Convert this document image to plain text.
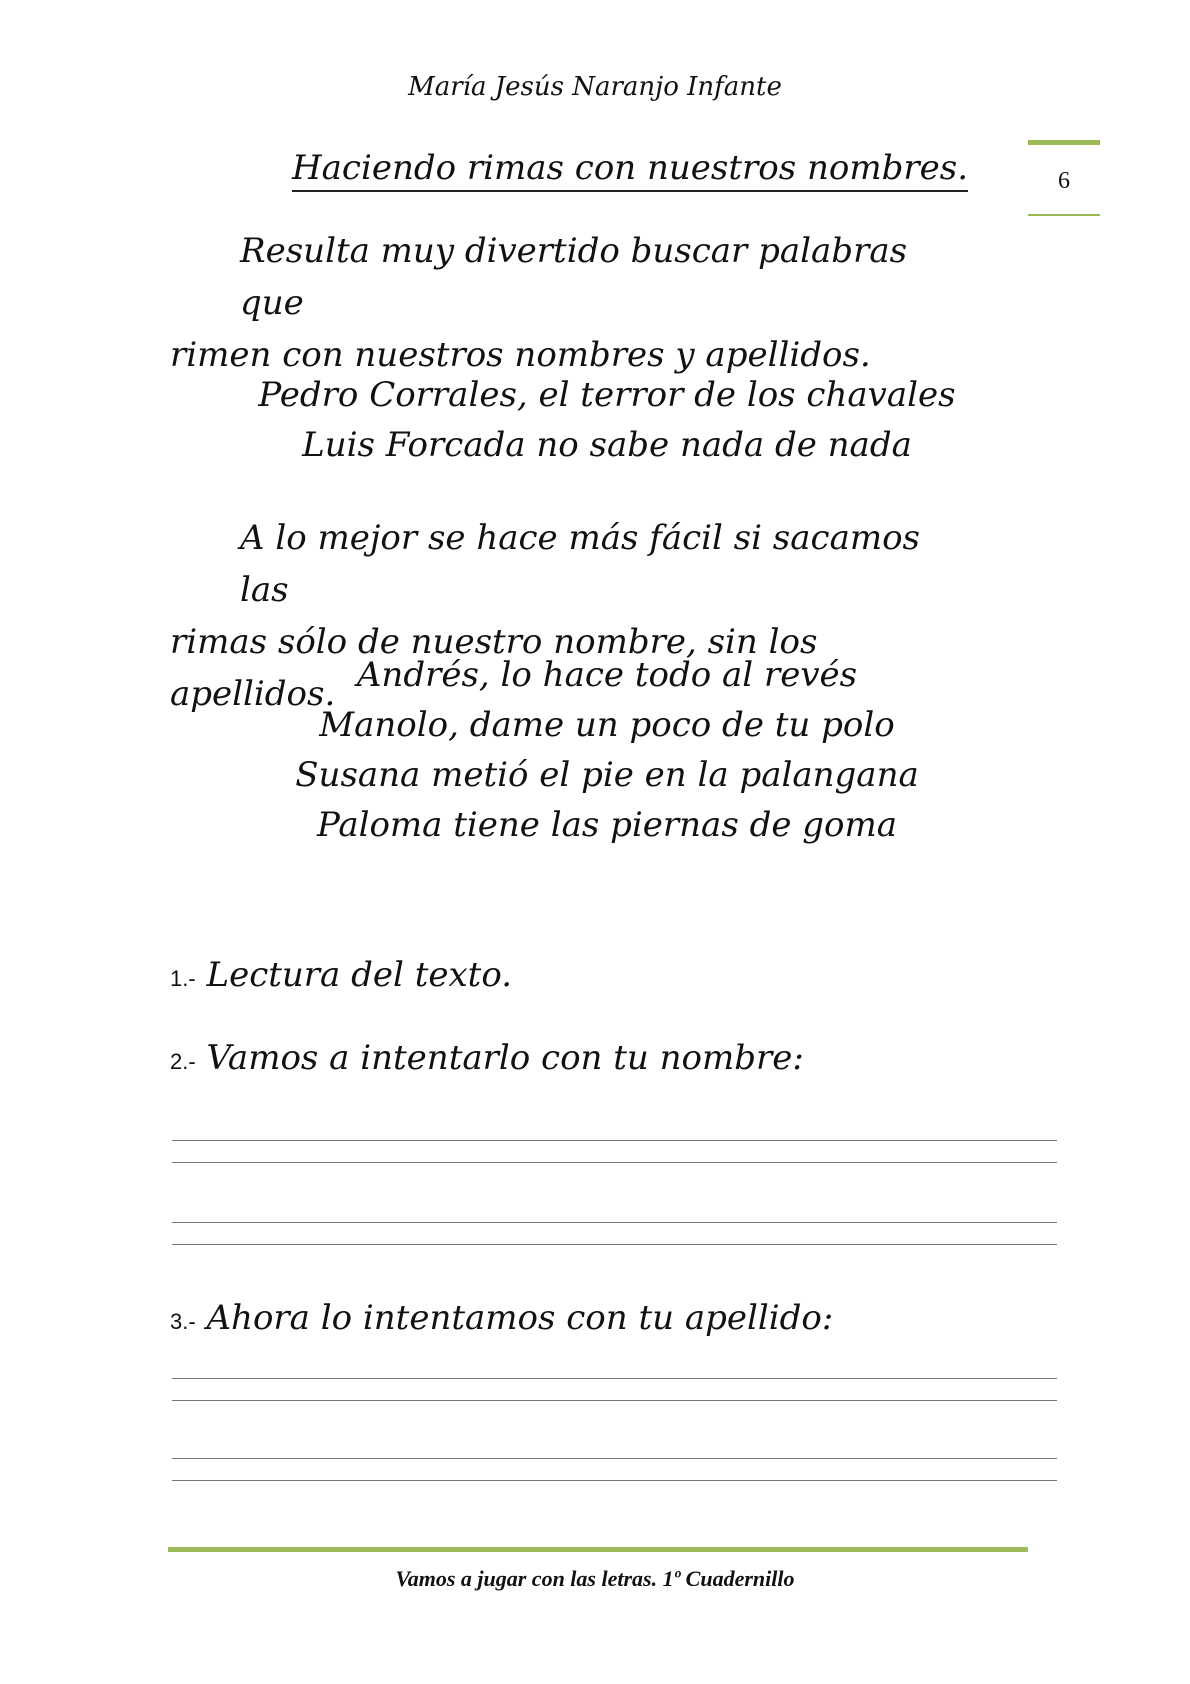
María Jesús Naranjo Infante
Haciendo rimas con nuestros nombres.	6
Resulta muy divertido buscar palabras que
rimen con nuestros nombres y apellidos.
Pedro Corrales, el terror de los chavales
Luis Forcada no sabe nada de nada
A lo mejor se hace más fácil si sacamos las
rimas sólo de nuestro nombre, sin los apellidos. Andrés, lo hace todo al revés
Manolo, dame un poco de tu polo
Susana metió el pie en la palangana
Paloma tiene las piernas de goma
1.- Lectura del texto.
2.- Vamos a intentarlo con tu nombre:
3.- Ahora lo intentamos con tu apellido:
Vamos a jugar con las letras. 1º Cuadernillo
